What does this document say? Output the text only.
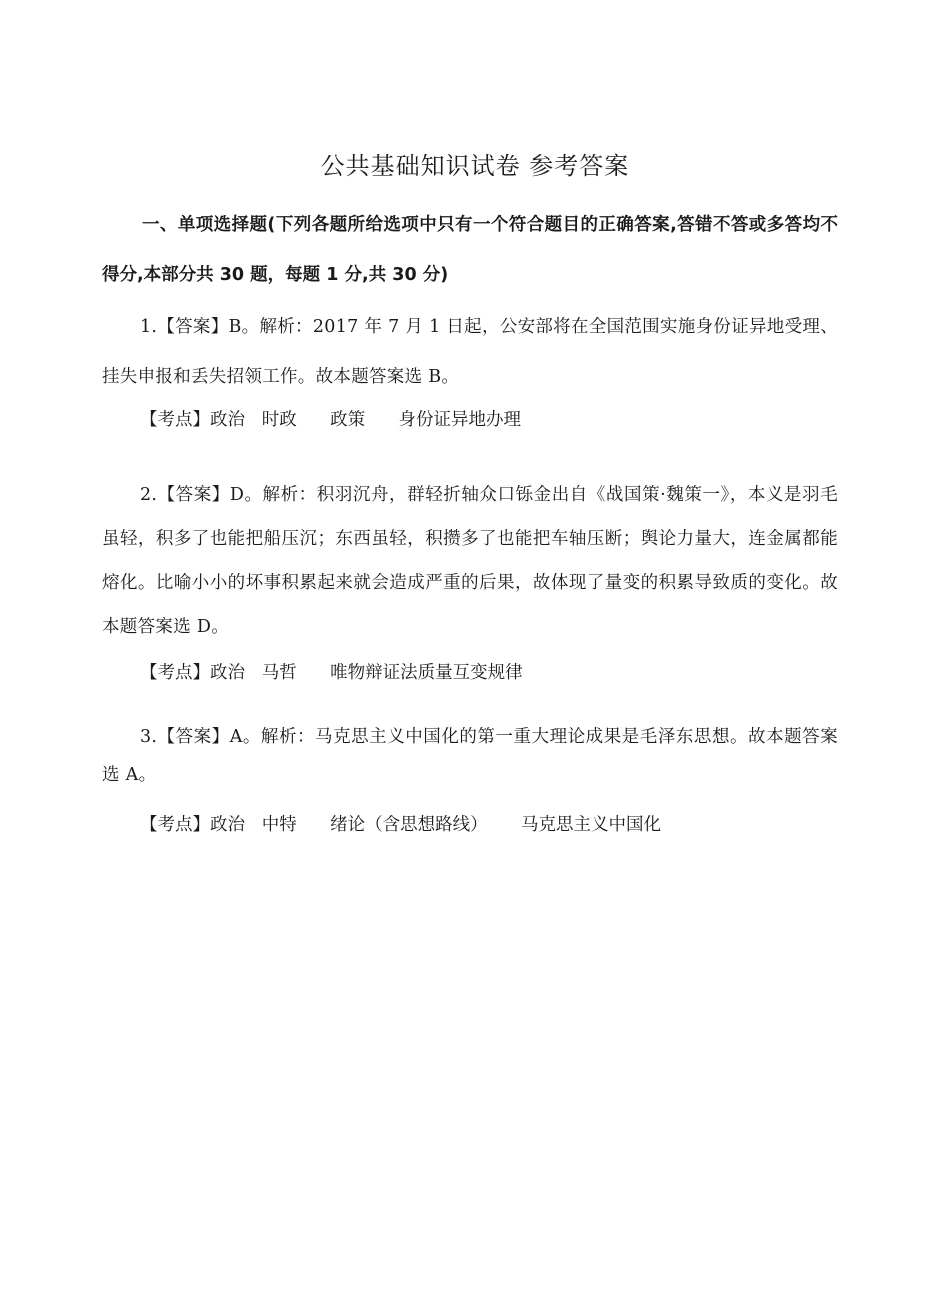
公共基础知识试卷 参考答案
一、单项选择题(下列各题所给选项中只有一个符合题目的正确答案,答错不答或多答均不得分,本部分共 30 题，每题 1 分,共 30 分)
1.【答案】B。解析：2017 年 7 月 1 日起，公安部将在全国范围实施身份证异地受理、挂失申报和丢失招领工作。故本题答案选 B。
【考点】政治   时政      政策      身份证异地办理
2.【答案】D。解析：积羽沉舟，群轻折轴众口铄金出自《战国策·魏策一》，本义是羽毛虽轻，积多了也能把船压沉；东西虽轻，积攒多了也能把车轴压断；舆论力量大，连金属都能熔化。比喻小小的坏事积累起来就会造成严重的后果，故体现了量变的积累导致质的变化。故本题答案选 D。
【考点】政治   马哲      唯物辩证法质量互变规律
3.【答案】A。解析：马克思主义中国化的第一重大理论成果是毛泽东思想。故本题答案选 A。
【考点】政治   中特      绪论（含思想路线）      马克思主义中国化
